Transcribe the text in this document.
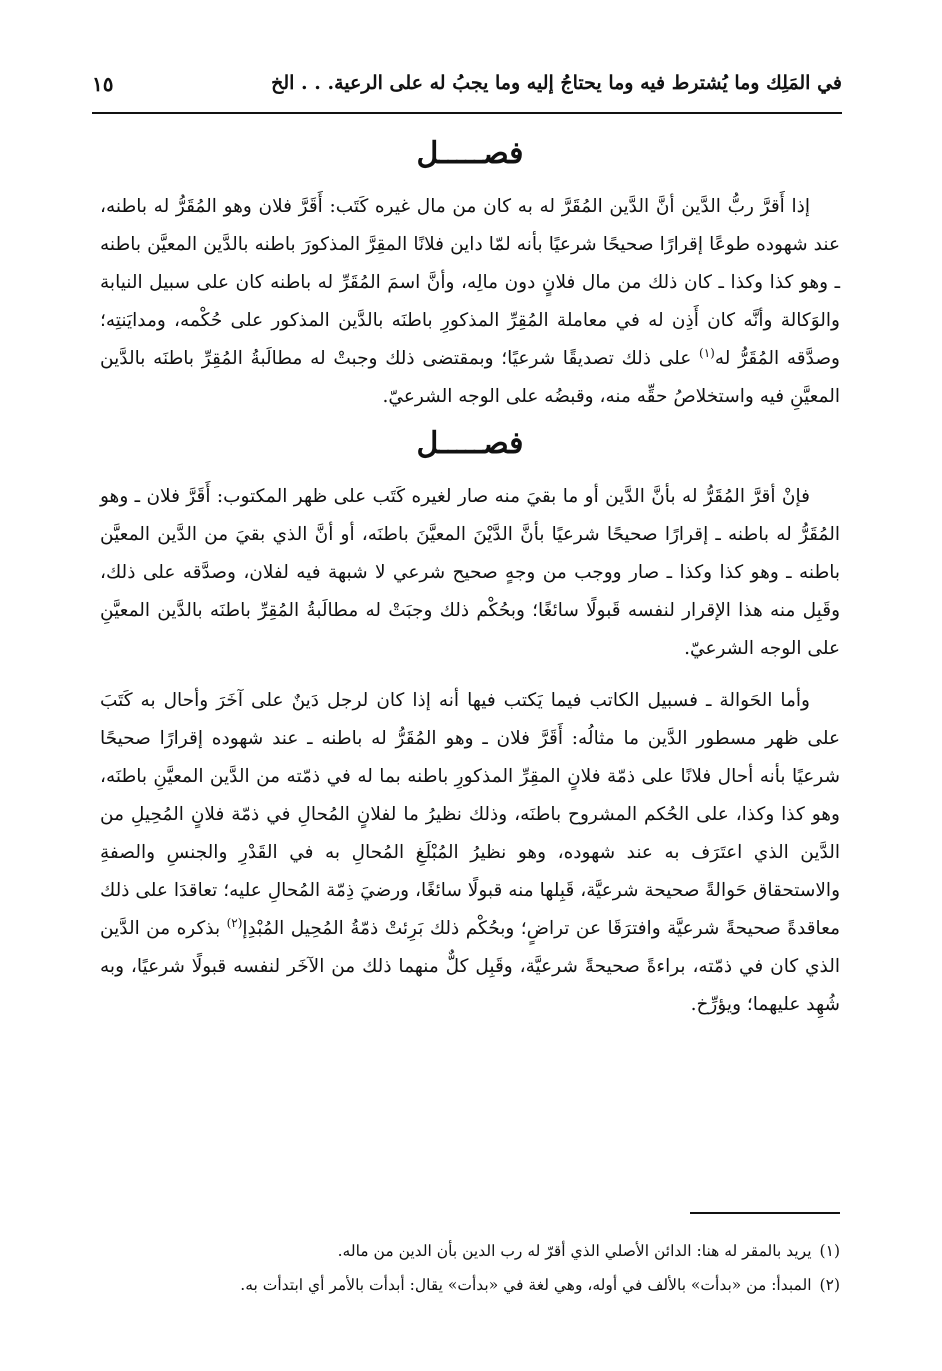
في المَلِك وما يُشترط فيه وما يحتاجُ إليه وما يجبُ له على الرعية. . . الخ
١٥
فصـــــل

إذا أَقرَّ ربُّ الدَّين أنَّ الدَّين المُقَرَّ له به كان من مال غيره كَتَب: أَقَرَّ فلان وهو المُقَرُّ له باطنه، عند شهوده طوعًا إقرارًا صحيحًا شرعيًا بأنه لمّا داين فلانًا المقِرَّ المذكورَ باطنه بالدَّين المعيَّن باطنه ـ وهو كذا وكذا ـ كان ذلك من مال فلانٍ دون مالِه، وأنَّ اسمَ المُقَرِّ له باطنه كان على سبيل النيابة والوَكالة وأنَّه كان أَذِن له في معاملة المُقِرِّ المذكورِ باطنَه بالدَّين المذكور على حُكْمه، ومدايَنتِه؛ وصدَّقه المُقَرُّ له$^{(١)}$ على ذلك تصديقًا شرعيًا؛ وبمقتضى ذلك وجبتْ له مطالَبةُ المُقِرِّ باطنَه بالدَّين المعيَّنِ فيه واستخلاصُ حقِّه منه، وقبضُه على الوجه الشرعيّ.

فصـــــل

فإنْ أقرَّ المُقَرُّ له بأنَّ الدَّين أو ما بقيَ منه صار لغيره كَتَب على ظهر المكتوب: أَقَرَّ فلان ـ وهو المُقَرُّ له باطنه ـ إقرارًا صحيحًا شرعيًا بأنَّ الدَّيْنَ المعيَّنَ باطنَه، أو أنَّ الذي بقيَ من الدَّين المعيَّن باطنه ـ وهو كذا وكذا ـ صار ووجب من وجهٍ صحيح شرعي لا شبهة فيه لفلان، وصدَّقه على ذلك، وقَبِل منه هذا الإقرار لنفسه قَبولًا سائغًا؛ وبحُكْم ذلك وجبَتْ له مطالَبةُ المُقِرِّ باطنَه بالدَّين المعيَّنِ على الوجه الشرعيّ.

وأما الحَوالة ـ فسبيل الكاتب فيما يَكتب فيها أنه إذا كان لرجل دَينٌ على آخَرَ وأحال به كَتَبَ على ظهر مسطور الدَّين ما مثالُه: أَقَرَّ فلان ـ وهو المُقَرُّ له باطنه ـ عند شهوده إقرارًا صحيحًا شرعيًا بأنه أحال فلانًا على ذمّة فلانٍ المقِرِّ المذكورِ باطنه بما له في ذمّته من الدَّين المعيَّنِ باطنَه، وهو كذا وكذا، على الحُكم المشروح باطنَه، وذلك نظيرُ ما لفلانٍ المُحالِ في ذمّة فلانٍ المُحِيلِ من الدَّين الذي اعتَرَف به عند شهوده، وهو نظيرُ المُبْلَغِ المُحالِ به في القَدْرِ والجنسِ والصفةِ والاستحقاق حَوالةً صحيحة شرعيَّة، قَبِلها منه قبولًا سائغًا، ورضيَ ذِمّة المُحالِ عليه؛ تعاقدَا على ذلك معاقدةً صحيحةً شرعيَّة وافترَقَا عن تراضٍ؛ وبحُكْم ذلك بَرِئتْ ذمّةُ المُحِيل المُبْدِإ$^{(٢)}$ بذكره من الدَّين الذي كان في ذمّته، براءةً صحيحةً شرعيَّة، وقَبِل كلٌّ منهما ذلك من الآخَر لنفسه قبولًا شرعيًا، وبه شُهِد عليهما؛ ويؤرِّخ.

(١)يريد بالمقر له هنا: الدائن الأصلي الذي أقرّ له رب الدين بأن الدين من ماله.

(٢)المبدأ: من «بدأت» بالألف في أوله، وهي لغة في «بدأت» يقال: أبدأت بالأمر أي ابتدأت به.
